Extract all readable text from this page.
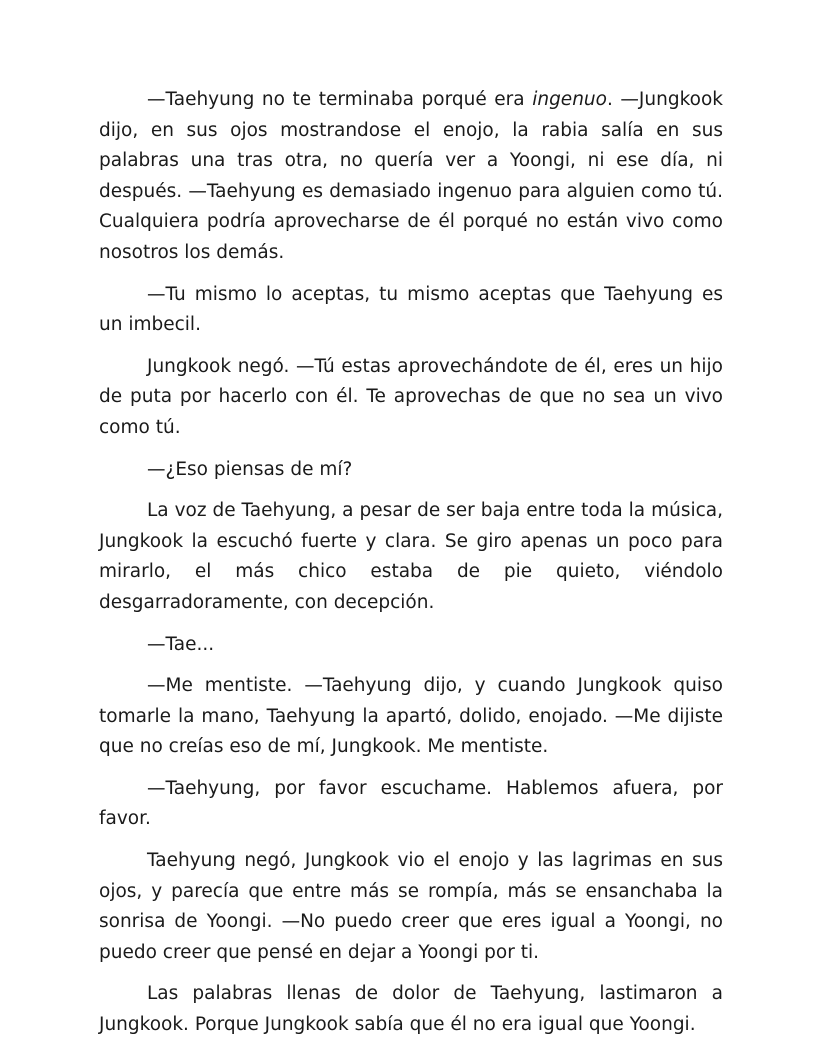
—Taehyung no te terminaba porqué era ingenuo. —Jungkook dijo, en sus ojos mostrandose el enojo, la rabia salía en sus palabras una tras otra, no quería ver a Yoongi, ni ese día, ni después. —Taehyung es demasiado ingenuo para alguien como tú. Cualquiera podría aprovecharse de él porqué no están vivo como nosotros los demás.

—Tu mismo lo aceptas, tu mismo aceptas que Taehyung es un imbecil.

Jungkook negó. —Tú estas aprovechándote de él, eres un hijo de puta por hacerlo con él. Te aprovechas de que no sea un vivo como tú.

—¿Eso piensas de mí?

La voz de Taehyung, a pesar de ser baja entre toda la música, Jungkook la escuchó fuerte y clara. Se giro apenas un poco para mirarlo, el más chico estaba de pie quieto, viéndolo desgarradoramente, con decepción.

—Tae...

—Me mentiste. —Taehyung dijo, y cuando Jungkook quiso tomarle la mano, Taehyung la apartó, dolido, enojado. —Me dijiste que no creías eso de mí, Jungkook. Me mentiste.

—Taehyung, por favor escuchame. Hablemos afuera, por favor.

Taehyung negó, Jungkook vio el enojo y las lagrimas en sus ojos, y parecía que entre más se rompía, más se ensanchaba la sonrisa de Yoongi. —No puedo creer que eres igual a Yoongi, no puedo creer que pensé en dejar a Yoongi por ti.

Las palabras llenas de dolor de Taehyung, lastimaron a Jungkook. Porque Jungkook sabía que él no era igual que Yoongi.
